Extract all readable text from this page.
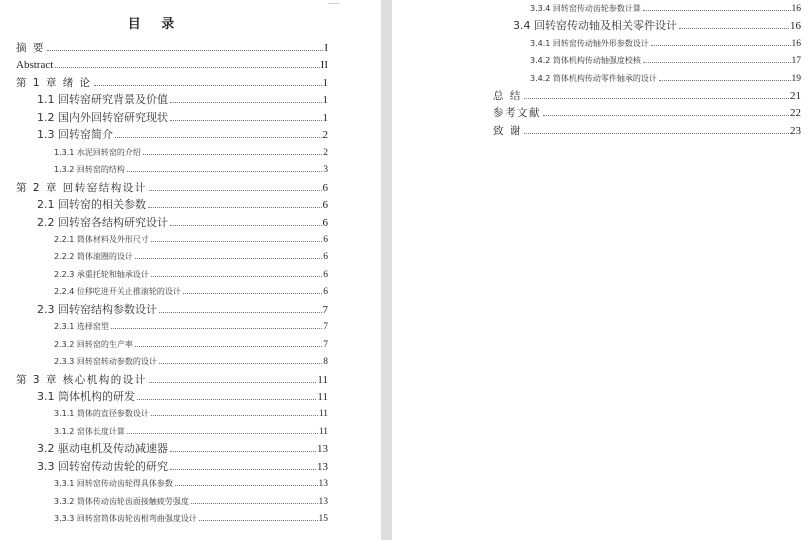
目 录
摘 要	I
Abstract	II
第 1 章 绪 论	1
1.1 回转窑研究背景及价值	1
1.2 国内外回转窑研究现状	1
1.3 回转窑简介	2
1.3.1 水泥回转窑的介绍	2
1.3.2 回转窑的结构	3
第 2 章 回转窑结构设计	6
2.1 回转窑的相关参数	6
2.2 回转窑各结构研究设计	6
2.2.1 筒体材料及外形尺寸	6
2.2.2 筒体滚圈的设计	6
2.2.3 承重托轮和轴承设计	6
2.2.4 位移吃进开关止推滚轮的设计	6
2.3 回转窑结构参数设计	7
2.3.1 选择窑型	7
2.3.2 回转窑的生产率	7
2.3.3 回转窑转动参数的设计	8
第 3 章 核心机构的设计	11
3.1 筒体机构的研发	11
3.1.1 筒体的直径参数设计	11
3.1.2 窑体长度计算	11
3.2 驱动电机及传动减速器	13
3.3 回转窑传动齿轮的研究	13
3.3.1 回转窑传动齿轮得具体参数	13
3.3.2 筒体传动齿轮齿面接触疲劳强度	13
3.3.3 回转窑筒体齿轮齿根弯曲强度设计	15
3.3.4 回转窑传动齿轮参数计算	16
3.4 回转窑传动轴及相关零件设计	16
3.4.1 回转窑传动轴外形参数设计	16
3.4.2 筒体机构传动轴强度校核	17
3.4.2 筒体机构传动零件轴承的设计	19
总 结	21
参考文献	22
致 谢	23
